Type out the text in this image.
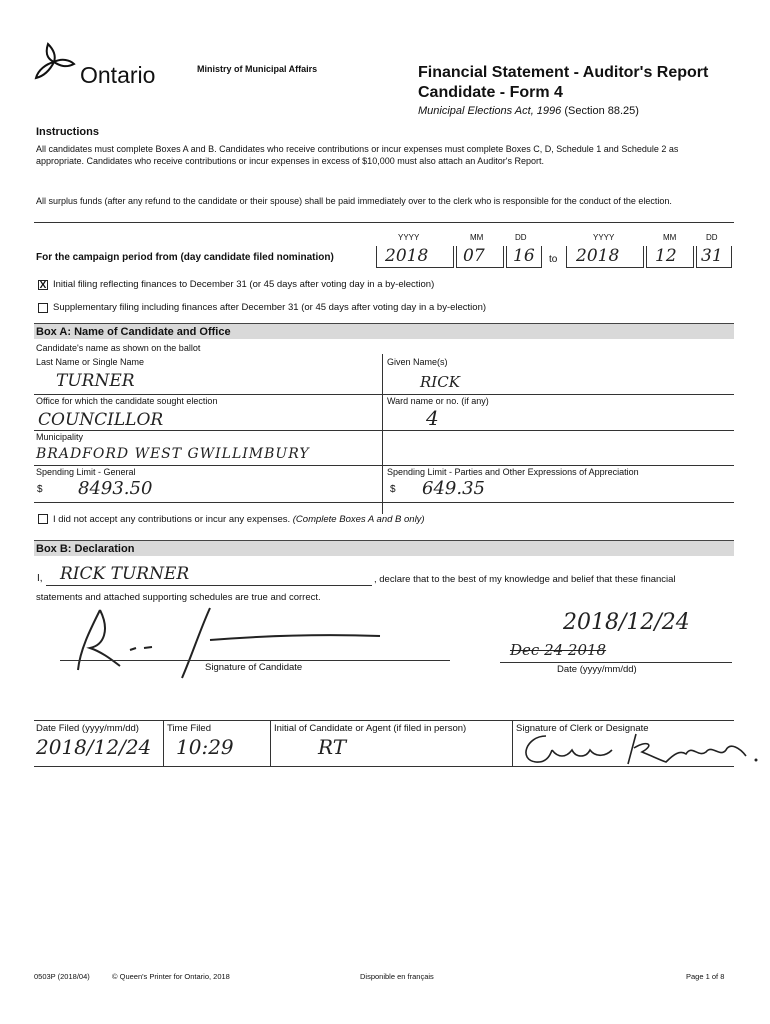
Ontario	Ministry of Municipal Affairs	Financial Statement - Auditor's Report
Candidate - Form 4
Municipal Elections Act, 1996 (Section 88.25)
Instructions
All candidates must complete Boxes A and B. Candidates who receive contributions or incur expenses must complete Boxes C, D, Schedule 1 and Schedule 2 as appropriate. Candidates who receive contributions or incur expenses in excess of $10,000 must also attach an Auditor's Report.
All surplus funds (after any refund to the candidate or their spouse) shall be paid immediately over to the clerk who is responsible for the conduct of the election.
For the campaign period from (day candidate filed nomination)
YYYY	MM	DD	YYYY	MM	DD
2018 07 16 to 2018 12 31
X Initial filing reflecting finances to December 31 (or 45 days after voting day in a by-election)
Supplementary filing including finances after December 31 (or 45 days after voting day in a by-election)
Box A: Name of Candidate and Office
Candidate's name as shown on the ballot
Last Name or Single Name	Given Name(s)
TURNER	RICK
Office for which the candidate sought election	Ward name or no. (if any)
COUNCILLOR	4
Municipality
BRADFORD WEST GWILLIMBURY
Spending Limit - General	Spending Limit - Parties and Other Expressions of Appreciation
$ 8493.50	$ 649.35
I did not accept any contributions or incur any expenses. (Complete Boxes A and B only)
Box B: Declaration
I, RICK TURNER	, declare that to the best of my knowledge and belief that these financial
statements and attached supporting schedules are true and correct.
Signature of Candidate
2018/12/24
Dec 24 2018
Date (yyyy/mm/dd)
Date Filed (yyyy/mm/dd)	Time Filed	Initial of Candidate or Agent (if filed in person)	Signature of Clerk or Designate
2018/12/24 10:29	RT
0503P (2018/04)	© Queen's Printer for Ontario, 2018	Disponible en français	Page 1 of 8
